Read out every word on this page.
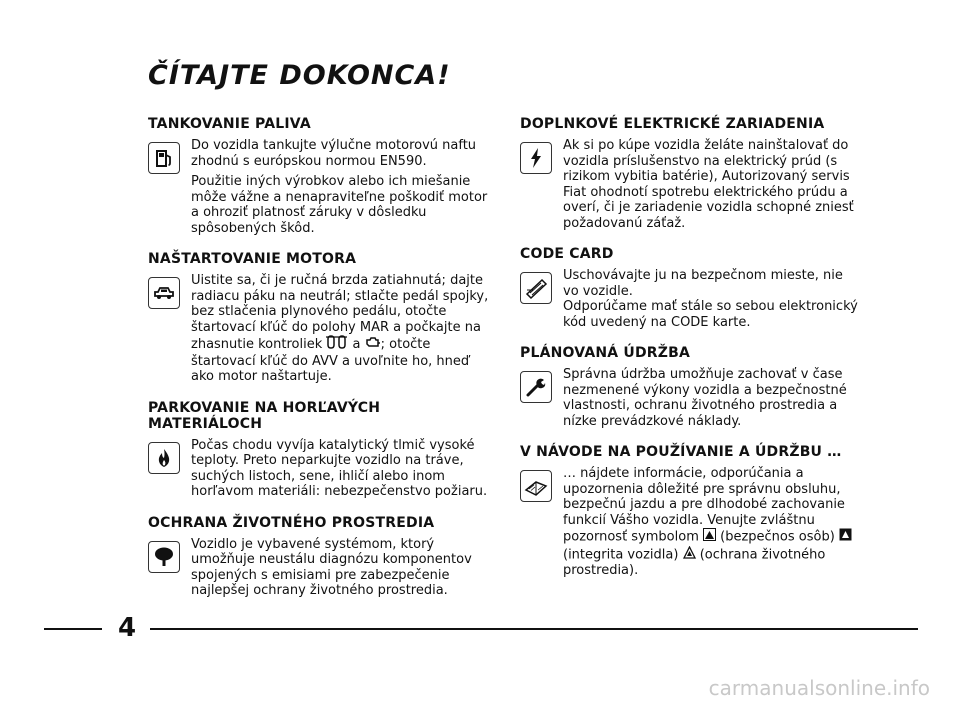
ČÍTAJTE DOKONCA!
TANKOVANIE PALIVA

Do vozidla tankujte výlučne motorovú naftu zhodnú s európskou normou EN590.

Použitie iných výrobkov alebo ich miešanie môže vážne a nenapraviteľne poškodiť motor a ohroziť platnosť záruky v dôsledku spôsobených škôd.

NAŠTARTOVANIE MOTORA

Uistite sa, či je ručná brzda zatiahnutá; dajte radiacu páku na neutrál; stlačte pedál spojky, bez stlačenia plynového pedálu, otočte štartovací kľúč do polohy MAR a počkajte na zhasnutie kontroliek a ; otočte štartovací kľúč do AVV a uvoľnite ho, hneď ako motor naštartuje.

PARKOVANIE NA HORĽAVÝCH MATERIÁLOCH

Počas chodu vyvíja katalytický tlmič vysoké teploty. Preto neparkujte vozidlo na tráve, suchých listoch, sene, ihličí alebo inom horľavom materiáli: nebezpečenstvo požiaru.

OCHRANA ŽIVOTNÉHO PROSTREDIA

Vozidlo je vybavené systémom, ktorý umožňuje neustálu diagnózu komponentov spojených s emisiami pre zabezpečenie najlepšej ochrany životného prostredia.

DOPLNKOVÉ ELEKTRICKÉ ZARIADENIA

Ak si po kúpe vozidla želáte nainštalovať do vozidla príslušenstvo na elektrický prúd (s rizikom vybitia batérie), Autorizovaný servis Fiat ohodnotí spotrebu elektrického prúdu a overí, či je zariadenie vozidla schopné zniesť požadovanú záťaž.

CODE CARD

Uschovávajte ju na bezpečnom mieste, nie vo vozidle.

Odporúčame mať stále so sebou elektronický kód uvedený na CODE karte.

PLÁNOVANÁ ÚDRŽBA

Správna údržba umožňuje zachovať v čase nezmenené výkony vozidla a bezpečnostné vlastnosti, ochranu životného prostredia a nízke prevádzkové náklady.

V NÁVODE NA POUŽÍVANIE A ÚDRŽBU …

… nájdete informácie, odporúčania a upozornenia dôležité pre správnu obsluhu, bezpečnú jazdu a pre dlhodobé zachovanie funkcií Vášho vozidla. Venujte zvláštnu pozornosť symbolom (bezpečnos osôb)  (integrita vozidla) (ochrana životného prostredia).

4
carmanualsonline.info
